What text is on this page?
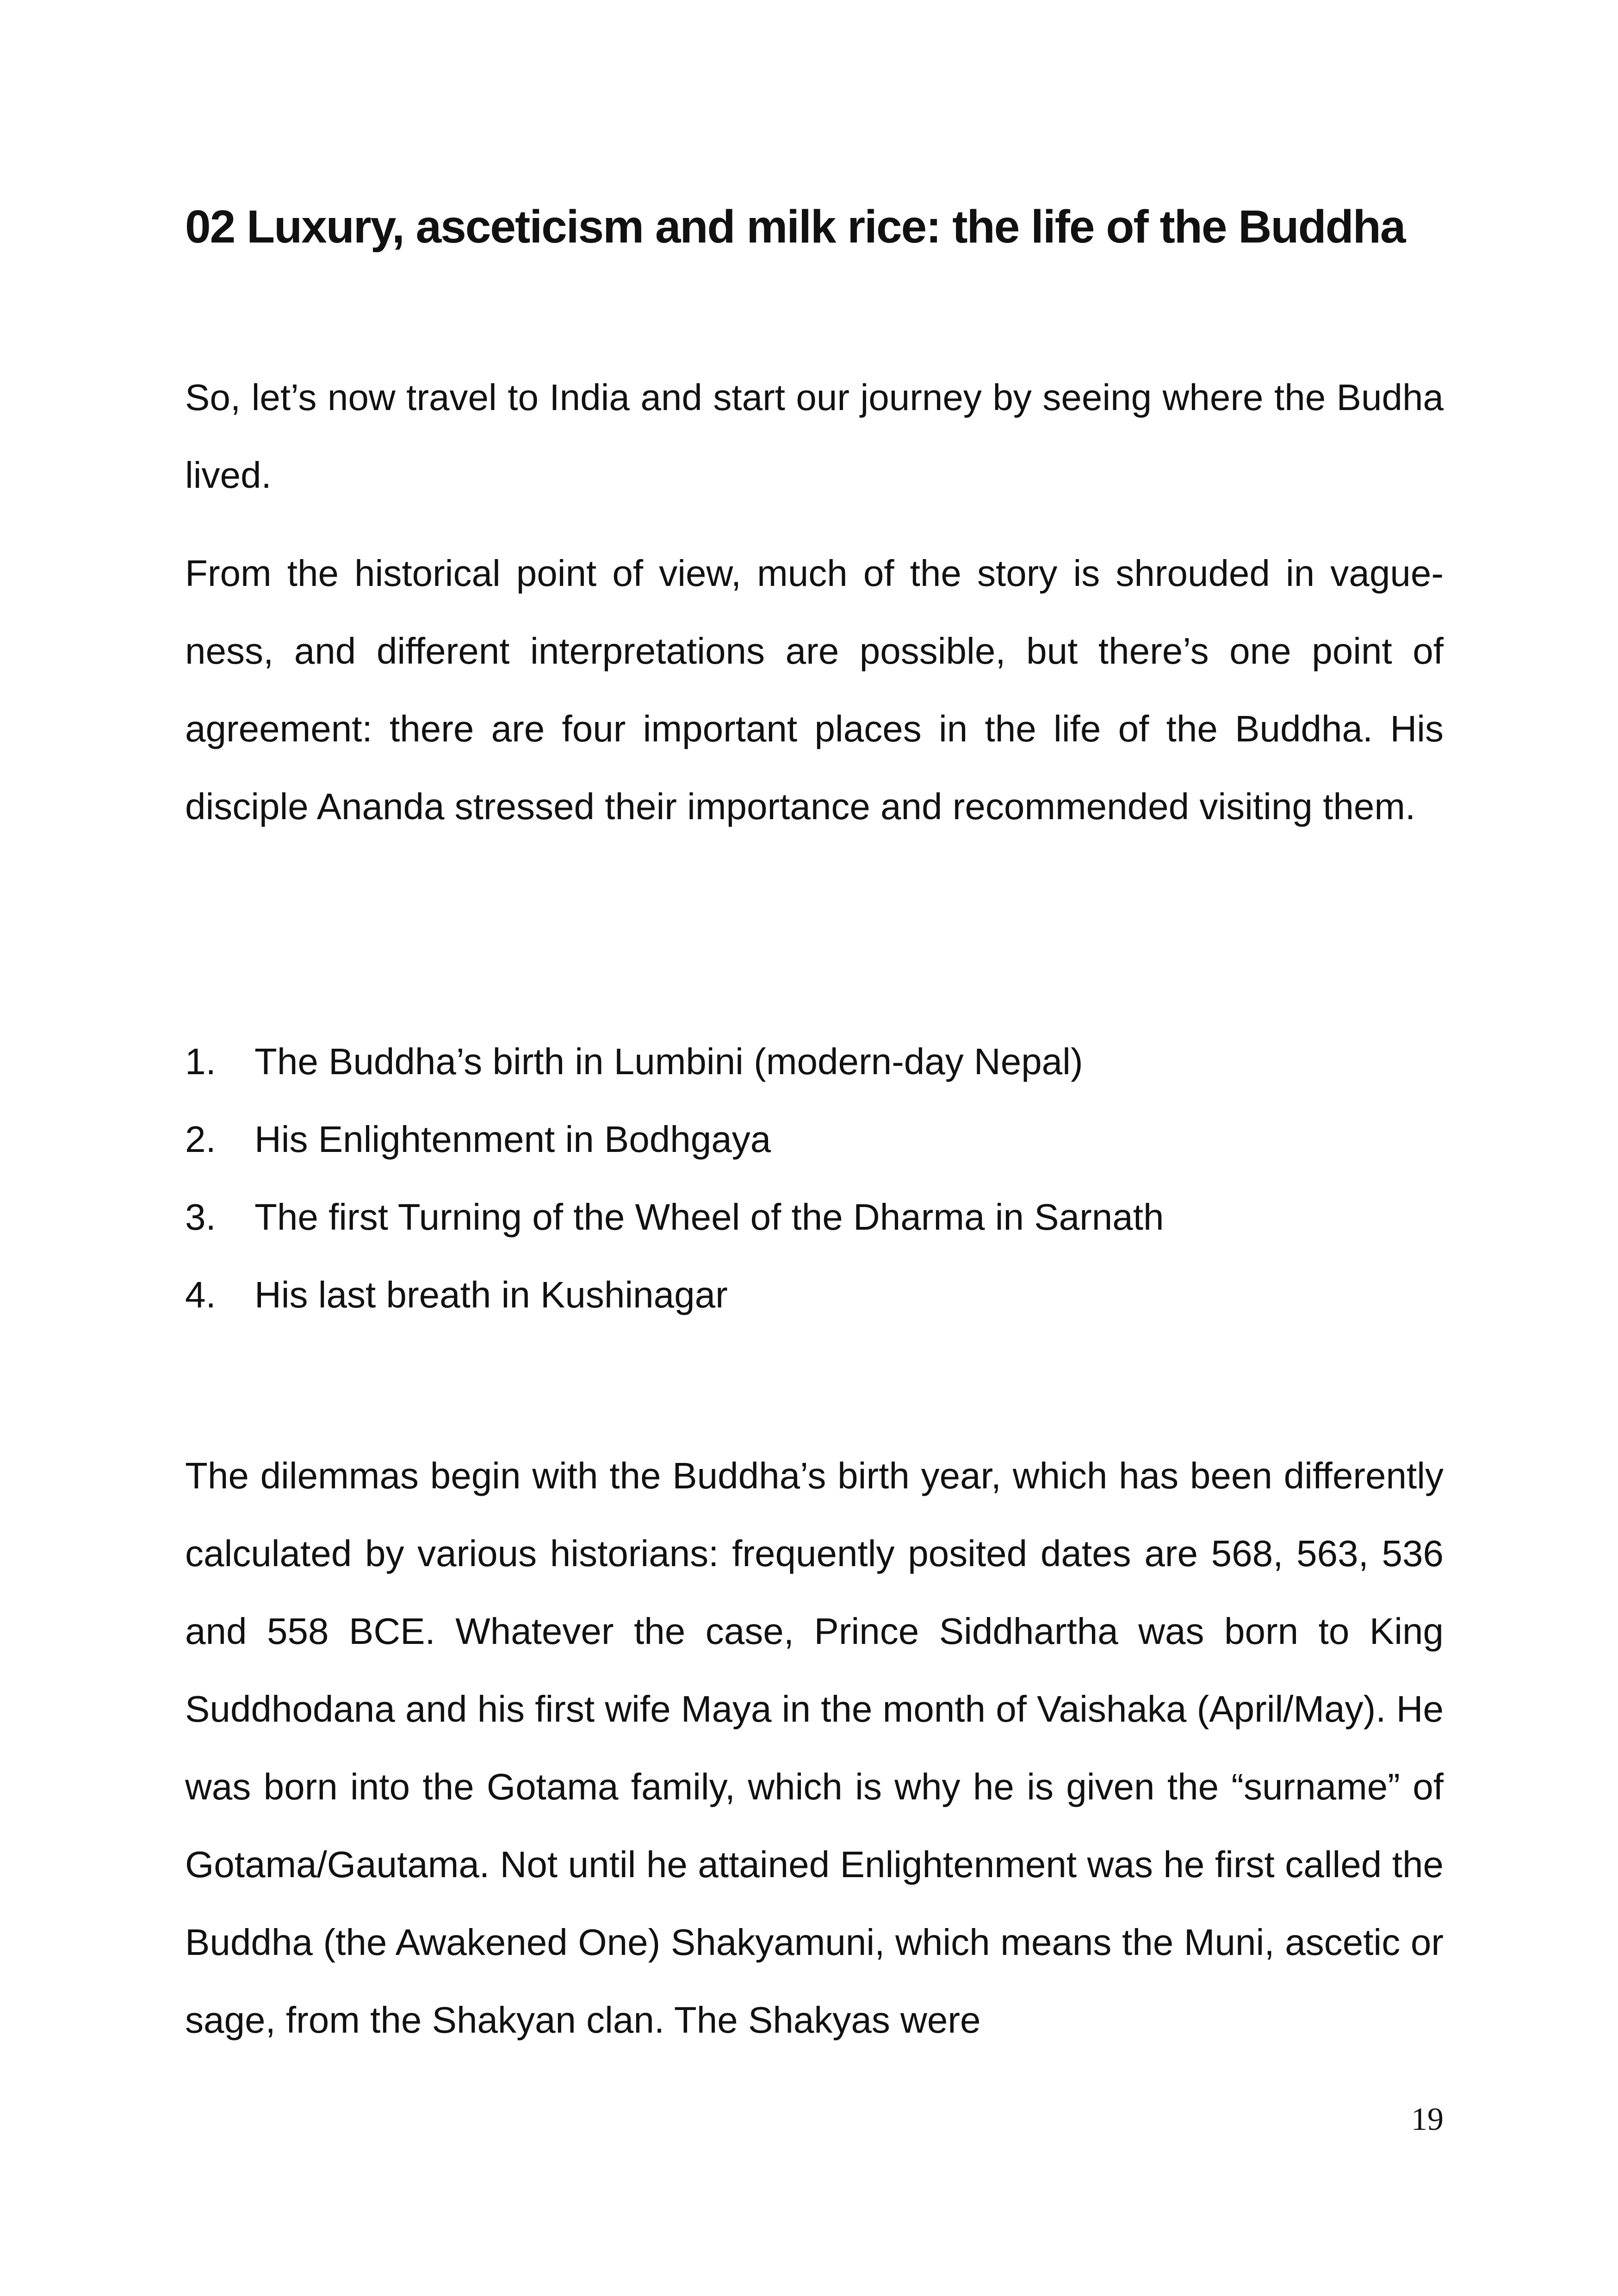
02 Luxury, asceticism and milk rice: the life of the Buddha

So, let’s now travel to India and start our journey by seeing where the Budha lived.

From the historical point of view, much of the story is shrouded in vagueness, and different interpretations are possible, but there’s one point of agreement: there are four important places in the life of the Buddha. His disciple Ananda stressed their importance and recommended visiting them.

1.	The Buddha’s birth in Lumbini (modern-day Nepal)
2.	His Enlightenment in Bodhgaya
3.	The first Turning of the Wheel of the Dharma in Sarnath
4.	His last breath in Kushinagar

The dilemmas begin with the Buddha’s birth year, which has been differently calculated by various historians: frequently posited dates are 568, 563, 536 and 558 BCE. Whatever the case, Prince Siddhartha was born to King Suddhodana and his first wife Maya in the month of Vaishaka (April/May). He was born into the Gotama family, which is why he is given the “surname” of Gotama/Gautama. Not until he attained Enlightenment was he first called the Buddha (the Awakened One) Shakyamuni, which means the Muni, ascetic or sage, from the Shakyan clan. The Shakyas were

19
